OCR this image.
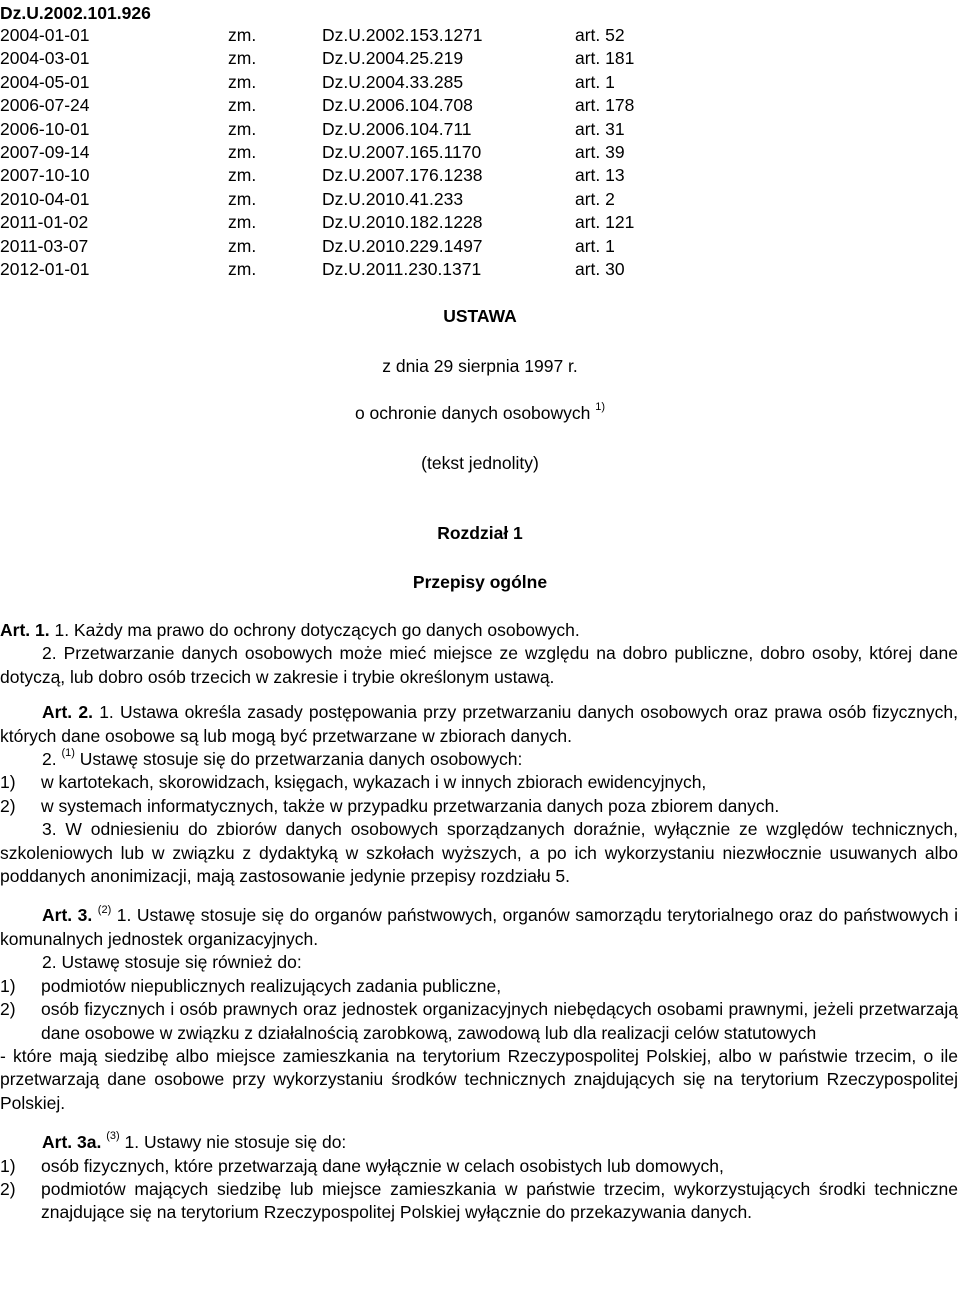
Dz.U.2002.101.926
2004-01-01	zm.	Dz.U.2002.153.1271	art. 52
2004-03-01	zm.	Dz.U.2004.25.219	art. 181
2004-05-01	zm.	Dz.U.2004.33.285	art. 1
2006-07-24	zm.	Dz.U.2006.104.708	art. 178
2006-10-01	zm.	Dz.U.2006.104.711	art. 31
2007-09-14	zm.	Dz.U.2007.165.1170	art. 39
2007-10-10	zm.	Dz.U.2007.176.1238	art. 13
2010-04-01	zm.	Dz.U.2010.41.233	art. 2
2011-01-02	zm.	Dz.U.2010.182.1228	art. 121
2011-03-07	zm.	Dz.U.2010.229.1497	art. 1
2012-01-01	zm.	Dz.U.2011.230.1371	art. 30
USTAWA
z dnia 29 sierpnia 1997 r.
o ochronie danych osobowych $^{1)}$
(tekst jednolity)
Rozdział 1
Przepisy ogólne

Art. 1. 1. Każdy ma prawo do ochrony dotyczących go danych osobowych.

2. Przetwarzanie danych osobowych może mieć miejsce ze względu na dobro publiczne, dobro osoby, której dane dotyczą, lub dobro osób trzecich w zakresie i trybie określonym ustawą.

Art. 2. 1. Ustawa określa zasady postępowania przy przetwarzaniu danych osobowych oraz prawa osób fizycznych, których dane osobowe są lub mogą być przetwarzane w zbiorach danych.

2. $^{(1)}$ Ustawę stosuje się do przetwarzania danych osobowych:

1)	w kartotekach, skorowidzach, księgach, wykazach i w innych zbiorach ewidencyjnych,
2)	w systemach informatycznych, także w przypadku przetwarzania danych poza zbiorem danych.

3. W odniesieniu do zbiorów danych osobowych sporządzanych doraźnie, wyłącznie ze względów technicznych, szkoleniowych lub w związku z dydaktyką w szkołach wyższych, a po ich wykorzystaniu niezwłocznie usuwanych albo poddanych anonimizacji, mają zastosowanie jedynie przepisy rozdziału 5.

Art. 3. $^{(2)}$ 1. Ustawę stosuje się do organów państwowych, organów samorządu terytorialnego oraz do państwowych i komunalnych jednostek organizacyjnych.

2. Ustawę stosuje się również do:

1)	podmiotów niepublicznych realizujących zadania publiczne,
2)	osób fizycznych i osób prawnych oraz jednostek organizacyjnych niebędących osobami prawnymi, jeżeli przetwarzają dane osobowe w związku z działalnością zarobkową, zawodową lub dla realizacji celów statutowych

- które mają siedzibę albo miejsce zamieszkania na terytorium Rzeczypospolitej Polskiej, albo w państwie trzecim, o ile przetwarzają dane osobowe przy wykorzystaniu środków technicznych znajdujących się na terytorium Rzeczypospolitej Polskiej.

Art. 3a. $^{(3)}$ 1. Ustawy nie stosuje się do:

1)	osób fizycznych, które przetwarzają dane wyłącznie w celach osobistych lub domowych,
2)	podmiotów mających siedzibę lub miejsce zamieszkania w państwie trzecim, wykorzystujących środki techniczne znajdujące się na terytorium Rzeczypospolitej Polskiej wyłącznie do przekazywania danych.
